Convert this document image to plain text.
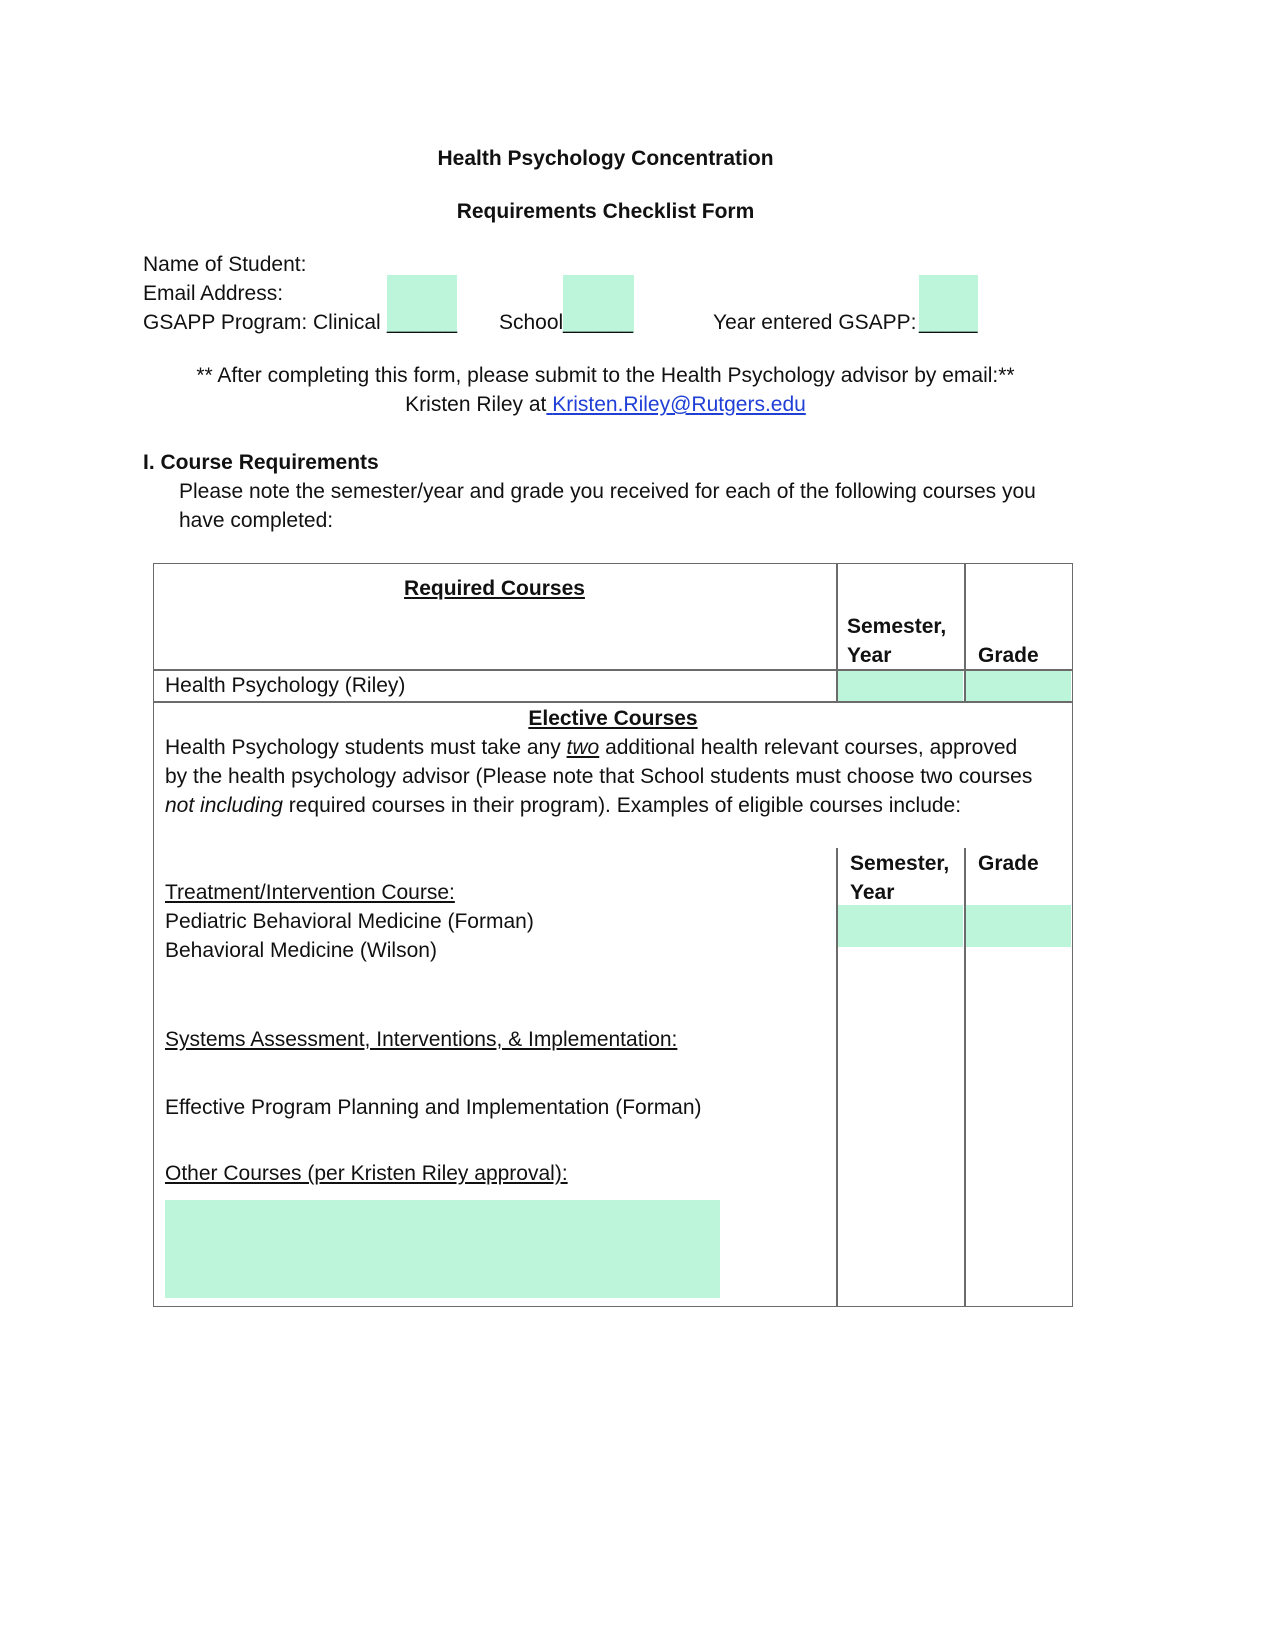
Health Psychology Concentration
Requirements Checklist Form
Name of Student:
Email Address:
GSAPP Program: Clinical ______ School ______	Year entered GSAPP: _____
** After completing this form, please submit to the Health Psychology advisor by email:**
Kristen Riley at Kristen.Riley@Rutgers.edu
I. Course Requirements
Please note the semester/year and grade you received for each of the following courses you
have completed:
Required Courses
Semester,
Year	Grade
Health Psychology (Riley)
Elective Courses
Health Psychology students must take any two additional health relevant courses, approved
by the health psychology advisor (Please note that School students must choose two courses
not including required courses in their program). Examples of eligible courses include:
Semester,
Year
Grade
Treatment/Intervention Course:
Pediatric Behavioral Medicine (Forman)
Behavioral Medicine (Wilson)
Systems Assessment, Interventions, & Implementation:
Effective Program Planning and Implementation (Forman)
Other Courses (per Kristen Riley approval):
